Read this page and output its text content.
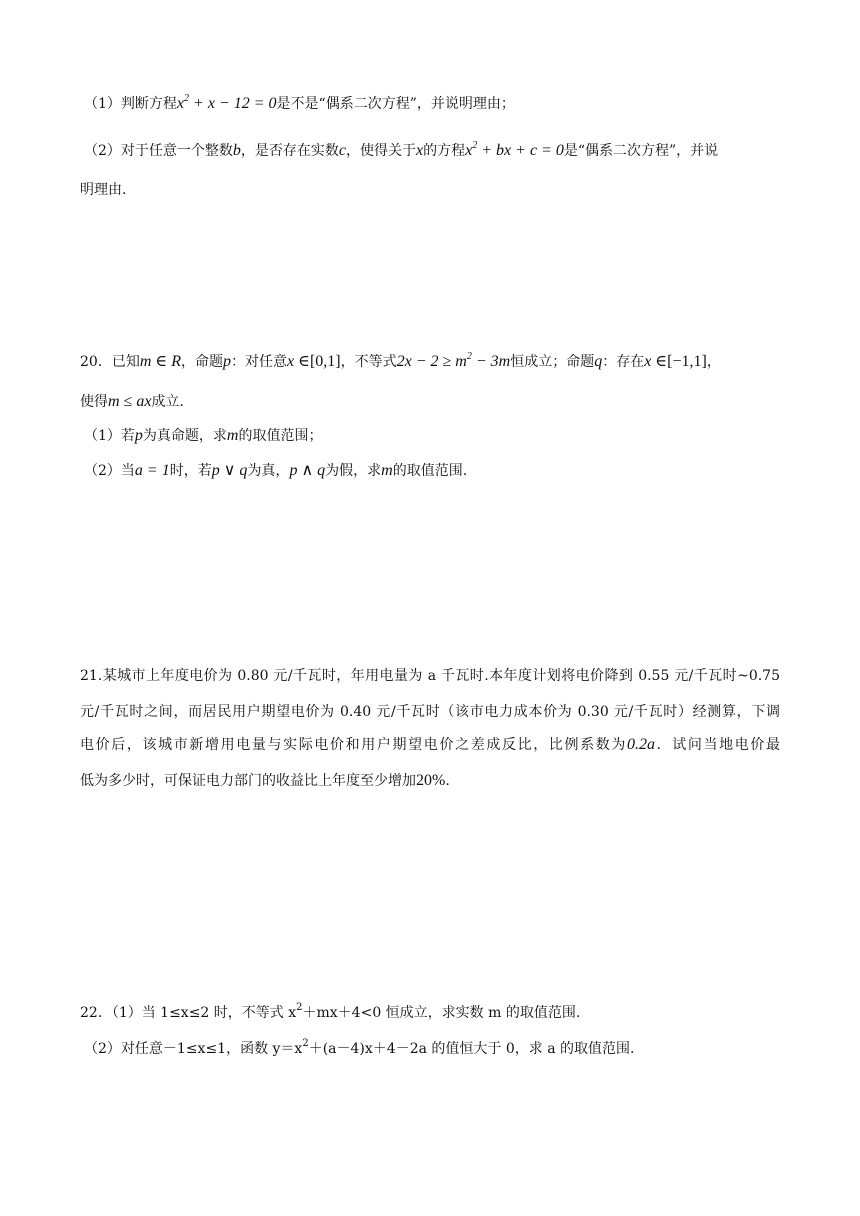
（1）判断方程$x^2 + x - 12 = 0$是不是“偶系二次方程”，并说明理由；
（2）对于任意一个整数b，是否存在实数c，使得关于x的方程$x^2$ + bx + c = 0是“偶系二次方程”，并说
明理由.
20．已知m ∈ R，命题p：对任意x ∈[0,1]，不等式$2x - 2 \ge m^2 - 3m$恒成立；命题q：存在x ∈[−1,1]，
使得m ≤ ax成立.
（1）若p为真命题，求m的取值范围；
（2）当a = 1时，若p ∨ q为真，p ∧ q为假，求m的取值范围.
21.某城市上年度电价为 0.80 元/千瓦时，年用电量为 a 千瓦时.本年度计划将电价降到 0.55 元/千瓦时~0.75
元/千瓦时之间，而居民用户期望电价为 0.40 元/千瓦时（该市电力成本价为 0.30 元/千瓦时）经测算，下调
电价后，该城市新增用电量与实际电价和用户期望电价之差成反比，比例系数为0.2a．试问当地电价最
低为多少时，可保证电力部门的收益比上年度至少增加20%.
22．（1）当 1≤x≤2 时，不等式 $x^2+mx+4<0$ 恒成立，求实数 m 的取值范围.
（2）对任意－1≤x≤1，函数 $y=x^2+(a-4)x+4-2a$ 的值恒大于 0，求 a 的取值范围.
